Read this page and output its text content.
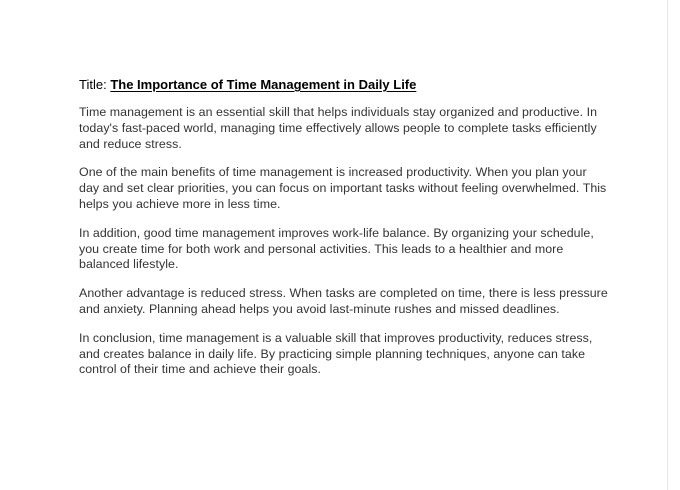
Title: The Importance of Time Management in Daily Life

Time management is an essential skill that helps individuals stay organized and productive. In today's fast-paced world, managing time effectively allows people to complete tasks efficiently and reduce stress.

One of the main benefits of time management is increased productivity. When you plan your day and set clear priorities, you can focus on important tasks without feeling overwhelmed. This helps you achieve more in less time.

In addition, good time management improves work-life balance. By organizing your schedule, you create time for both work and personal activities. This leads to a healthier and more balanced lifestyle.

Another advantage is reduced stress. When tasks are completed on time, there is less pressure and anxiety. Planning ahead helps you avoid last-minute rushes and missed deadlines.

In conclusion, time management is a valuable skill that improves productivity, reduces stress, and creates balance in daily life. By practicing simple planning techniques, anyone can take control of their time and achieve their goals.
